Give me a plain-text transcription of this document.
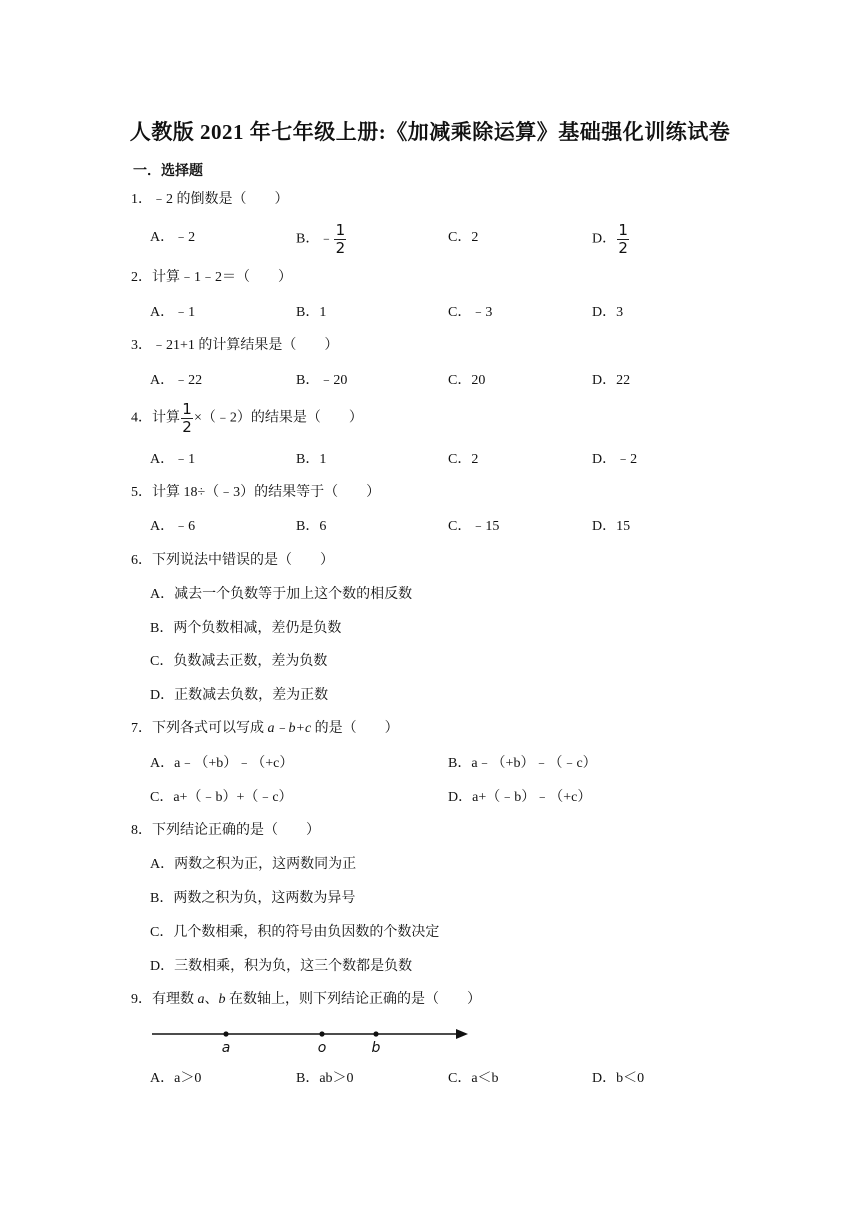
人教版 2021 年七年级上册:《加减乘除运算》基础强化训练试卷
一．选择题
1．﹣2 的倒数是（　　）
A．﹣2	B．﹣ $\frac{1}{2}$	C．2	D． $\frac{1}{2}$
2．计算﹣1﹣2＝（　　）
A．﹣1	B．1	C．﹣3	D．3
3．﹣21+1 的计算结果是（　　）
A．﹣22	B．﹣20	C．20	D．22
4．计算 $\frac{1}{2}$ ×（﹣2）的结果是（　　）
A．﹣1	B．1	C．2	D．﹣2
5．计算 18÷（﹣3）的结果等于（　　）
A．﹣6	B．6	C．﹣15	D．15
6．下列说法中错误的是（　　）
A．减去一个负数等于加上这个数的相反数
B．两个负数相减，差仍是负数
C．负数减去正数，差为负数
D．正数减去负数，差为正数
7．下列各式可以写成 a﹣b+c 的是（　　）
A．a﹣（+b）﹣（+c）	B．a﹣（+b）﹣（﹣c）
C．a+（﹣b）+（﹣c）	D．a+（﹣b）﹣（+c）
8．下列结论正确的是（　　）
A．两数之积为正，这两数同为正
B．两数之积为负，这两数为异号
C．几个数相乘，积的符号由负因数的个数决定
D．三数相乘，积为负，这三个数都是负数
9．有理数 a、b 在数轴上，则下列结论正确的是（　　）
a	o	b
A．a＞0	B．ab＞0	C．a＜b	D．b＜0
